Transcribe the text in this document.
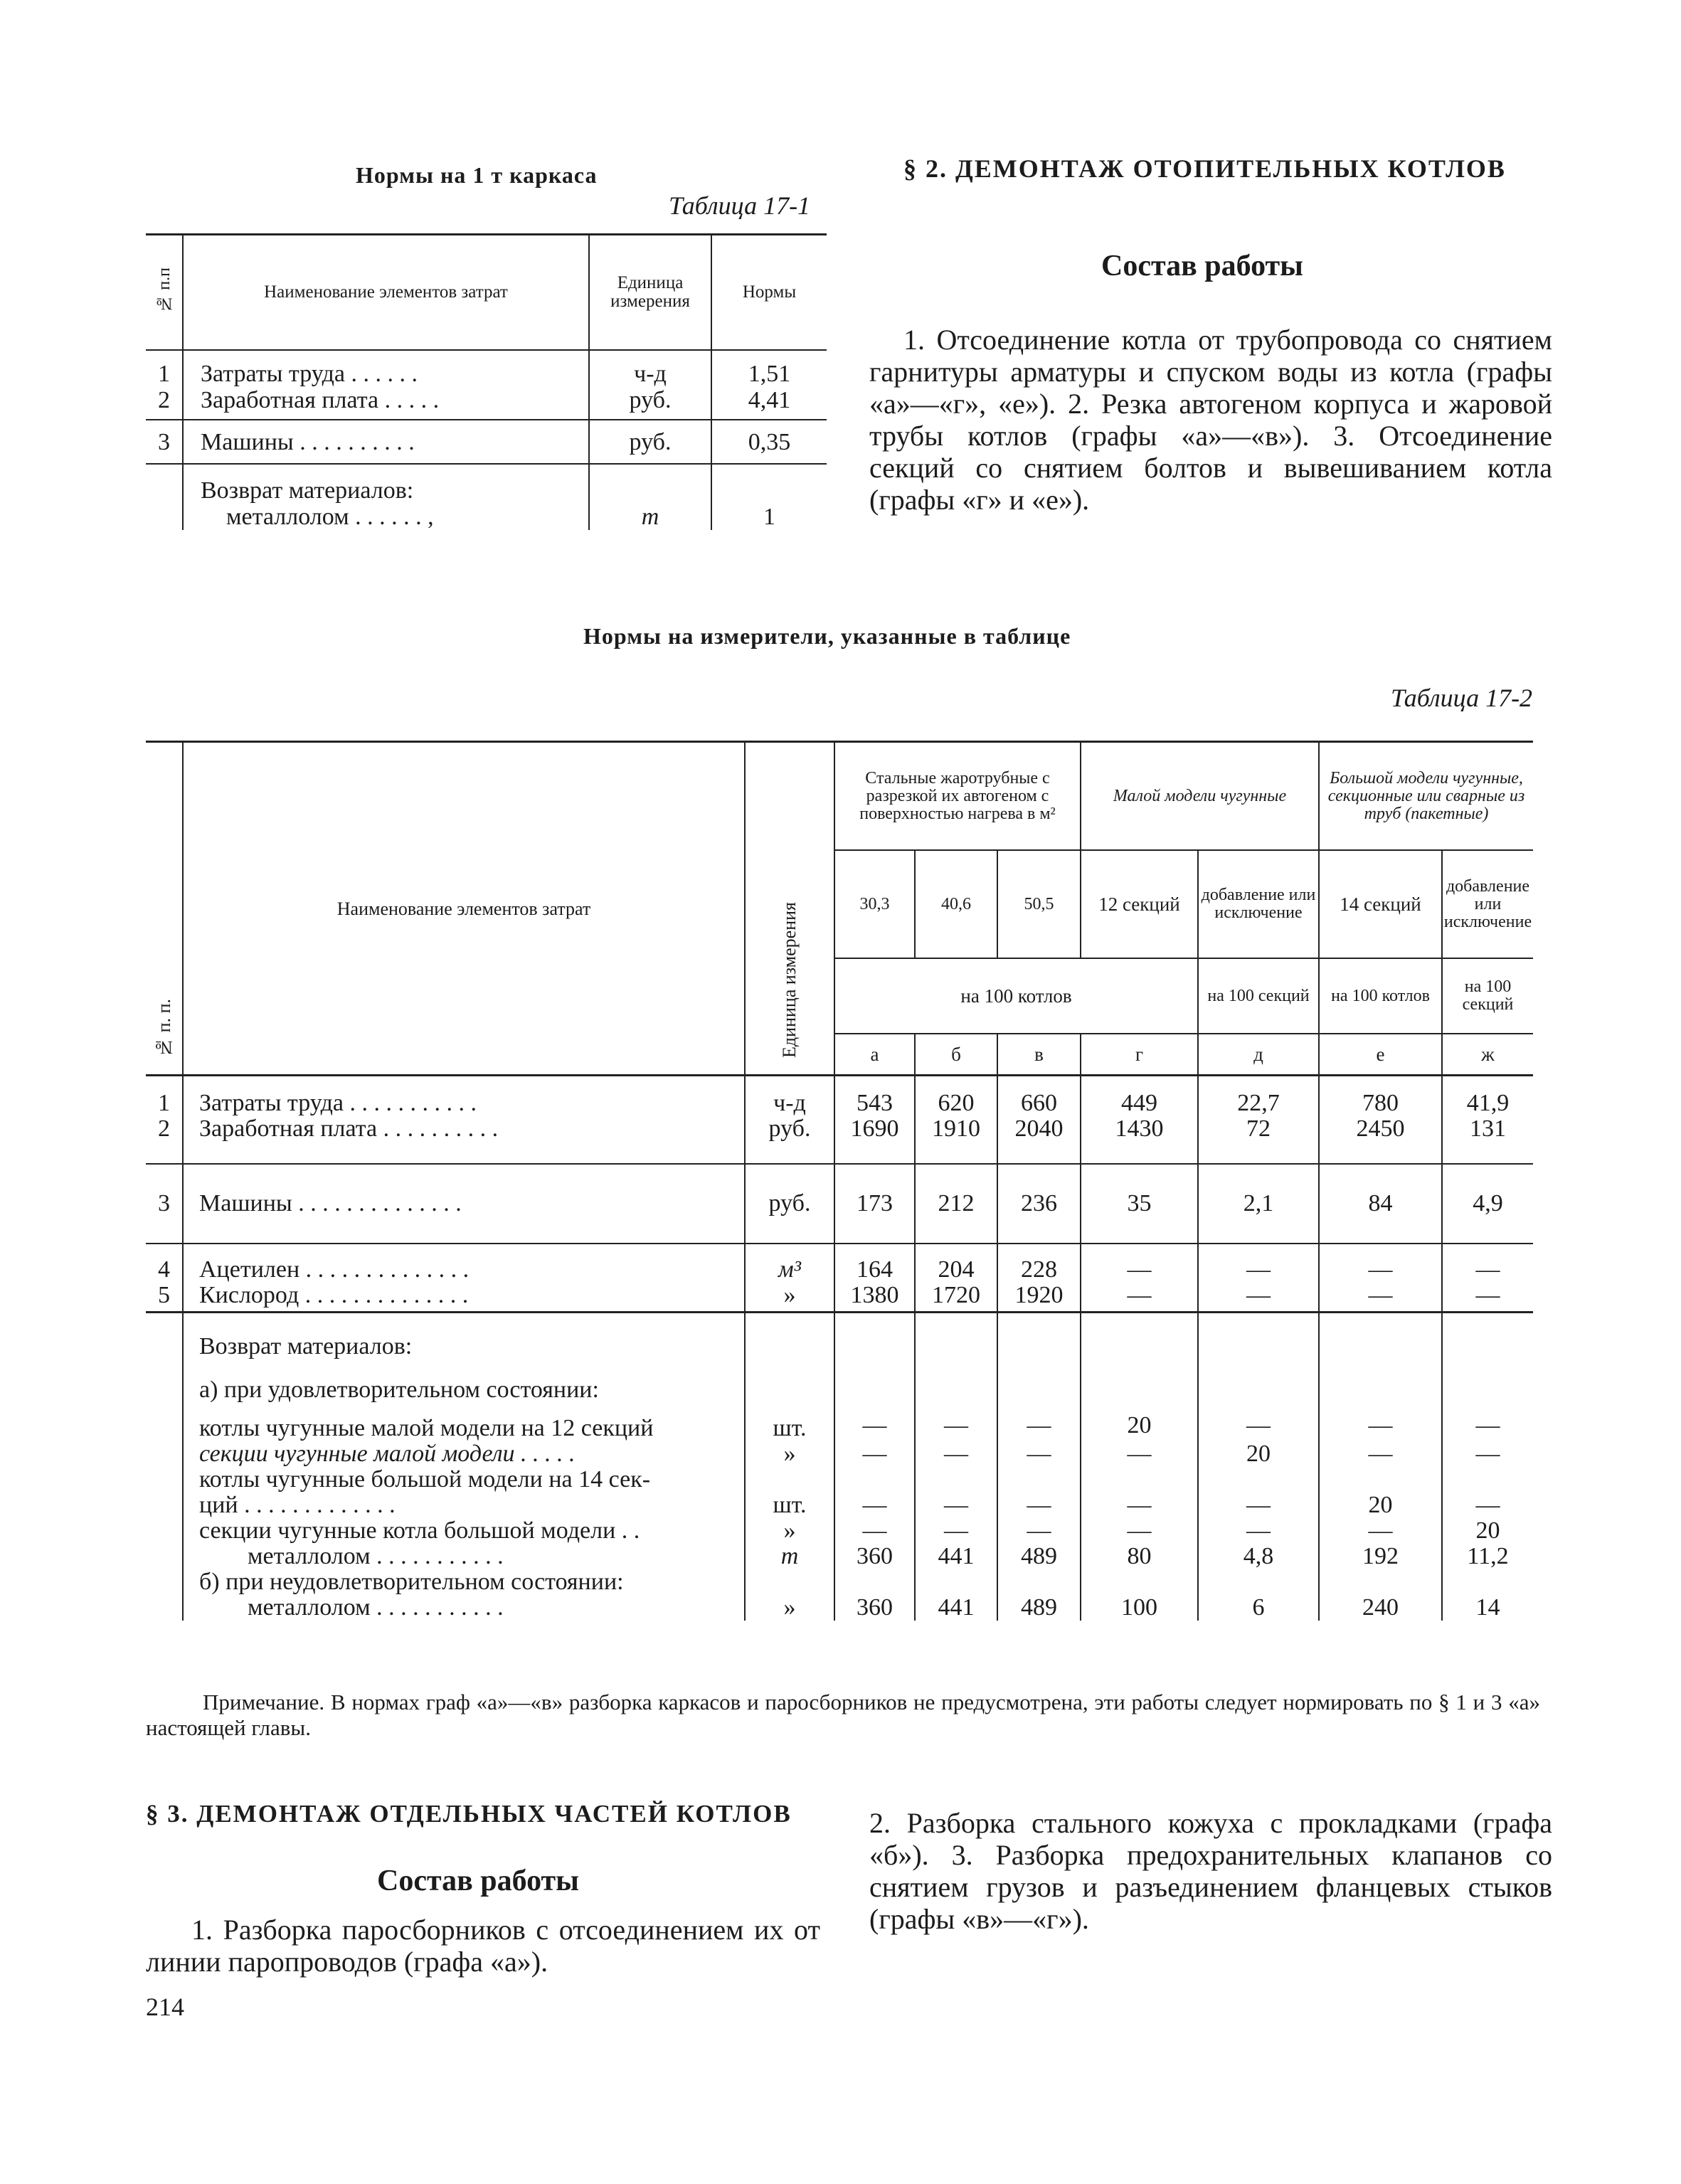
Нормы на 1 т каркаса
Таблица 17-1
№ п.п	Наименование элементов затрат	Единица измерения	Нормы
1	Затраты труда . . . . . .	ч-д	1,51
2	Заработная плата . . . . .	руб.	4,41
3	Машины . . . . . . . . . .	руб.	0,35
	Возврат материалов:		
	металлолом . . . . . . ,	т	1
§ 2. ДЕМОНТАЖ ОТОПИТЕЛЬНЫХ КОТЛОВ
Состав работы
1. Отсоединение котла от трубопровода со снятием гарнитуры арматуры и спуском воды из котла (графы «а»—«г», «е»). 2. Резка автогеном корпуса и жаровой трубы котлов (графы «а»—«в»). 3. Отсоединение секций со снятием болтов и вывешиванием котла (графы «г» и «е»).
Нормы на измерители, указанные в таблице
Таблица 17-2
№ п. п.	Наименование элементов затрат	Единица измерения	Стальные жаротрубные с разрезкой их автогеном с поверхностью нагрева в м²			Малой модели чугунные		Большой модели чугунные, секционные или сварные из труб (пакетные)	
			30,3	40,6	50,5	12 секций	добавление или исключение	14 секций	добавление или исключение
			на 100 котлов				на 100 секций	на 100 котлов	на 100 секций
			а	б	в	г	д	е	ж
1	Затраты труда . . . . . . . . . . .	ч-д	543	620	660	449	22,7	780	41,9
2	Заработная плата . . . . . . . . . .	руб.	1690	1910	2040	1430	72	2450	131
3	Машины . . . . . . . . . . . . . .	руб.	173	212	236	35	2,1	84	4,9
4	Ацетилен . . . . . . . . . . . . . .	м³	164	204	228	—	—	—	—
5	Кислород . . . . . . . . . . . . . .	»	1380	1720	1920	—	—	—	—
	Возврат материалов:								
	а) при удовлетворительном состоянии:								
	котлы чугунные малой модели на 12 секций	шт.	—	—	—	20	—	—	—
	секции чугунные малой модели . . . . .	»	—	—	—	—	20	—	—
	котлы чугунные большой модели на 14 сек-								
	ций . . . . . . . . . . . . .	шт.	—	—	—	—	—	20	—
	секции чугунные котла большой модели . .	»	—	—	—	—	—	—	20
	металлолом . . . . . . . . . . .	т	360	441	489	80	4,8	192	11,2
	б) при неудовлетворительном состоянии:								
	металлолом . . . . . . . . . . .	»	360	441	489	100	6	240	14
Примечание. В нормах граф «а»—«в» разборка каркасов и паросборников не предусмотрена, эти работы следует нормировать по § 1 и 3 «а» настоящей главы.
§ 3. ДЕМОНТАЖ ОТДЕЛЬНЫХ ЧАСТЕЙ КОТЛОВ
Состав работы
1. Разборка паросборников с отсоединением их от линии паропроводов (графа «а»).
2. Разборка стального кожуха с прокладками (графа «б»). 3. Разборка предохранительных клапанов со снятием грузов и разъединением фланцевых стыков (графы «в»—«г»).
214
